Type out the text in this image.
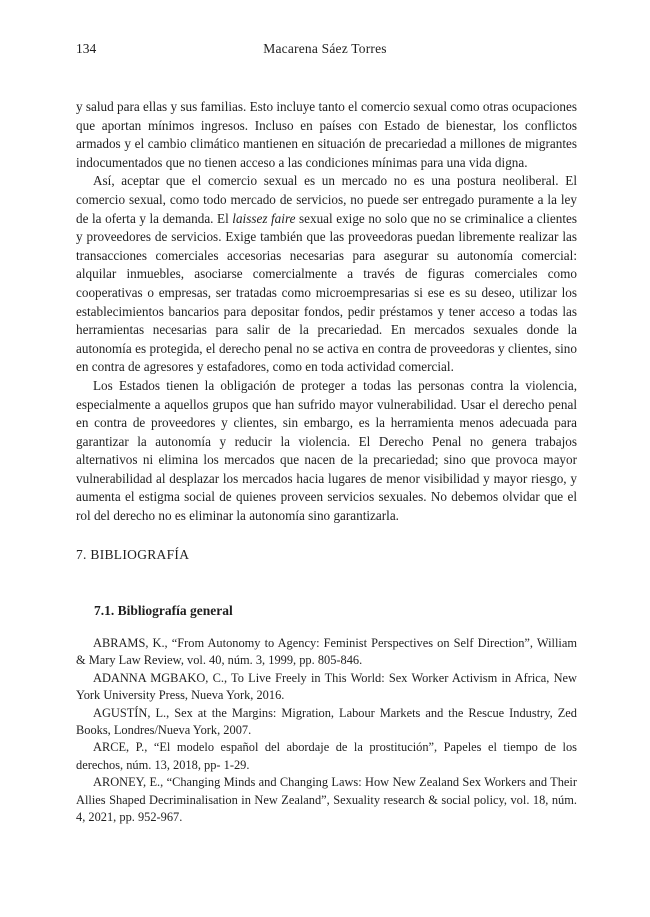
134	Macarena Sáez Torres

y salud para ellas y sus familias. Esto incluye tanto el comercio sexual como otras ocupaciones que aportan mínimos ingresos. Incluso en países con Estado de bienestar, los conflictos armados y el cambio climático mantienen en situación de precariedad a millones de migrantes indocumentados que no tienen acceso a las condiciones mínimas para una vida digna.

Así, aceptar que el comercio sexual es un mercado no es una postura neoliberal. El comercio sexual, como todo mercado de servicios, no puede ser entregado puramente a la ley de la oferta y la demanda. El laissez faire sexual exige no solo que no se criminalice a clientes y proveedores de servicios. Exige también que las proveedoras puedan libremente realizar las transacciones comerciales accesorias necesarias para asegurar su autonomía comercial: alquilar inmuebles, asociarse comercialmente a través de figuras comerciales como cooperativas o empresas, ser tratadas como microempresarias si ese es su deseo, utilizar los establecimientos bancarios para depositar fondos, pedir préstamos y tener acceso a todas las herramientas necesarias para salir de la precariedad. En mercados sexuales donde la autonomía es protegida, el derecho penal no se activa en contra de proveedoras y clientes, sino en contra de agresores y estafadores, como en toda actividad comercial.

Los Estados tienen la obligación de proteger a todas las personas contra la violencia, especialmente a aquellos grupos que han sufrido mayor vulnerabilidad. Usar el derecho penal en contra de proveedores y clientes, sin embargo, es la herramienta menos adecuada para garantizar la autonomía y reducir la violencia. El Derecho Penal no genera trabajos alternativos ni elimina los mercados que nacen de la precariedad; sino que provoca mayor vulnerabilidad al desplazar los mercados hacia lugares de menor visibilidad y mayor riesgo, y aumenta el estigma social de quienes proveen servicios sexuales. No debemos olvidar que el rol del derecho no es eliminar la autonomía sino garantizarla.

7. BIBLIOGRAFÍA
7.1. Bibliografía general

ABRAMS, K., “From Autonomy to Agency: Feminist Perspectives on Self Direction”, William & Mary Law Review, vol. 40, núm. 3, 1999, pp. 805-846.

ADANNA MGBAKO, C., To Live Freely in This World: Sex Worker Activism in Africa, New York University Press, Nueva York, 2016.

AGUSTÍN, L., Sex at the Margins: Migration, Labour Markets and the Rescue Industry, Zed Books, Londres/Nueva York, 2007.

ARCE, P., “El modelo español del abordaje de la prostitución”, Papeles el tiempo de los derechos, núm. 13, 2018, pp- 1-29.

ARONEY, E., “Changing Minds and Changing Laws: How New Zealand Sex Workers and Their Allies Shaped Decriminalisation in New Zealand”, Sexuality research & social policy, vol. 18, núm. 4, 2021, pp. 952-967.
